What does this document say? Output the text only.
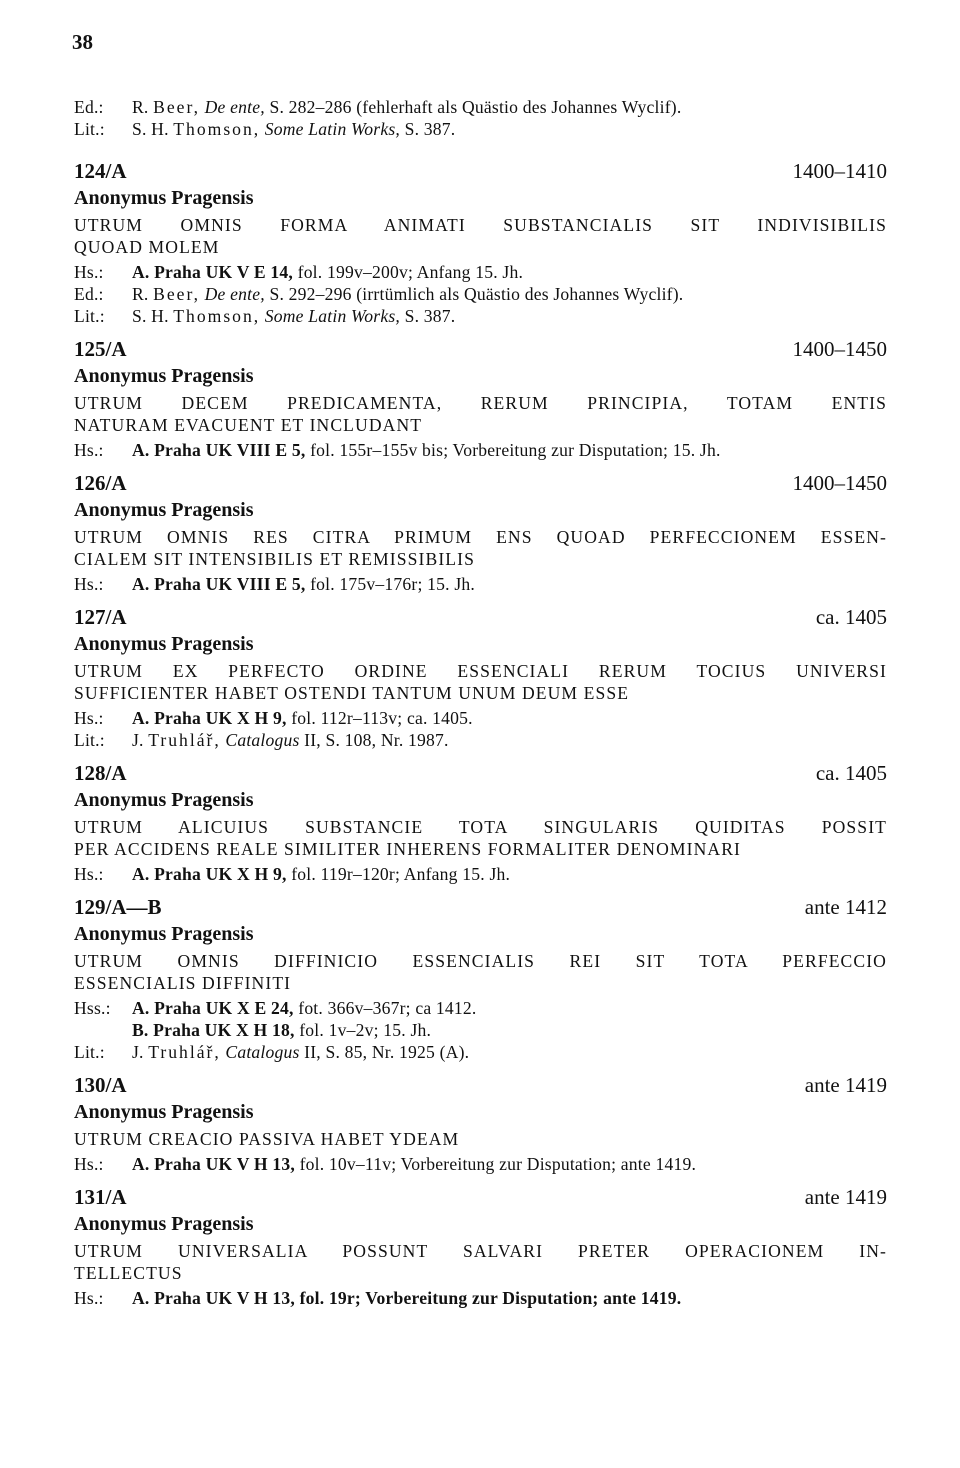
38
Ed.: R. Beer, De ente, S. 282–286 (fehlerhaft als Quästio des Johannes Wyclif).
Lit.: S. H. Thomson, Some Latin Works, S. 387.
124/A	1400–1410
Anonymus Pragensis
UTRUM OMNIS FORMA ANIMATI SUBSTANCIALIS SIT INDIVISIBILIS
QUOAD MOLEM
Hs.: A. Praha UK V E 14, fol. 199v–200v; Anfang 15. Jh.
Ed.: R. Beer, De ente, S. 292–296 (irrtümlich als Quästio des Johannes Wyclif).
Lit.: S. H. Thomson, Some Latin Works, S. 387.
125/A	1400–1450
Anonymus Pragensis
UTRUM DECEM PREDICAMENTA, RERUM PRINCIPIA, TOTAM ENTIS
NATURAM EVACUENT ET INCLUDANT
Hs.: A. Praha UK VIII E 5, fol. 155r–155v bis; Vorbereitung zur Disputation; 15. Jh.
126/A	1400–1450
Anonymus Pragensis
UTRUM OMNIS RES CITRA PRIMUM ENS QUOAD PERFECCIONEM ESSEN-
CIALEM SIT INTENSIBILIS ET REMISSIBILIS
Hs.: A. Praha UK VIII E 5, fol. 175v–176r; 15. Jh.
127/A	ca. 1405
Anonymus Pragensis
UTRUM EX PERFECTO ORDINE ESSENCIALI RERUM TOCIUS UNIVERSI
SUFFICIENTER HABET OSTENDI TANTUM UNUM DEUM ESSE
Hs.: A. Praha UK X H 9, fol. 112r–113v; ca. 1405.
Lit.: J. Truhlář, Catalogus II, S. 108, Nr. 1987.
128/A	ca. 1405
Anonymus Pragensis
UTRUM ALICUIUS SUBSTANCIE TOTA SINGULARIS QUIDITAS POSSIT
PER ACCIDENS REALE SIMILITER INHERENS FORMALITER DENOMINARI
Hs.: A. Praha UK X H 9, fol. 119r–120r; Anfang 15. Jh.
129/A—B	ante 1412
Anonymus Pragensis
UTRUM OMNIS DIFFINICIO ESSENCIALIS REI SIT TOTA PERFECCIO
ESSENCIALIS DIFFINITI
Hss.: A. Praha UK X E 24, fot. 366v–367r; ca 1412.
B. Praha UK X H 18, fol. 1v–2v; 15. Jh.
Lit.: J. Truhlář, Catalogus II, S. 85, Nr. 1925 (A).
130/A	ante 1419
Anonymus Pragensis
UTRUM CREACIO PASSIVA HABET YDEAM
Hs.: A. Praha UK V H 13, fol. 10v–11v; Vorbereitung zur Disputation; ante 1419.
131/A	ante 1419
Anonymus Pragensis
UTRUM UNIVERSALIA POSSUNT SALVARI PRETER OPERACIONEM IN-
TELLECTUS
Hs.: A. Praha UK V H 13, fol. 19r; Vorbereitung zur Disputation; ante 1419.
